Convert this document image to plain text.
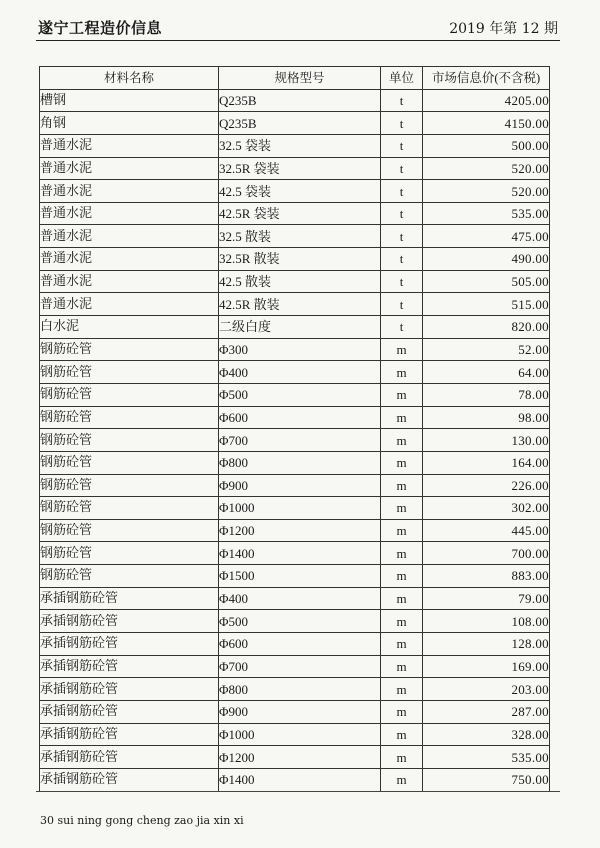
遂宁工程造价信息	2019 年第 12 期
材料名称	规格型号	单位	市场信息价(不含税)
槽钢	Q235B	t	4205.00
角钢	Q235B	t	4150.00
普通水泥	32.5 袋装	t	500.00
普通水泥	32.5R 袋装	t	520.00
普通水泥	42.5 袋装	t	520.00
普通水泥	42.5R 袋装	t	535.00
普通水泥	32.5 散装	t	475.00
普通水泥	32.5R 散装	t	490.00
普通水泥	42.5 散装	t	505.00
普通水泥	42.5R 散装	t	515.00
白水泥	二级白度	t	820.00
钢筋砼管	Φ300	m	52.00
钢筋砼管	Φ400	m	64.00
钢筋砼管	Φ500	m	78.00
钢筋砼管	Φ600	m	98.00
钢筋砼管	Φ700	m	130.00
钢筋砼管	Φ800	m	164.00
钢筋砼管	Φ900	m	226.00
钢筋砼管	Φ1000	m	302.00
钢筋砼管	Φ1200	m	445.00
钢筋砼管	Φ1400	m	700.00
钢筋砼管	Φ1500	m	883.00
承插钢筋砼管	Φ400	m	79.00
承插钢筋砼管	Φ500	m	108.00
承插钢筋砼管	Φ600	m	128.00
承插钢筋砼管	Φ700	m	169.00
承插钢筋砼管	Φ800	m	203.00
承插钢筋砼管	Φ900	m	287.00
承插钢筋砼管	Φ1000	m	328.00
承插钢筋砼管	Φ1200	m	535.00
承插钢筋砼管	Φ1400	m	750.00
30 sui ning gong cheng zao jia xin xi
